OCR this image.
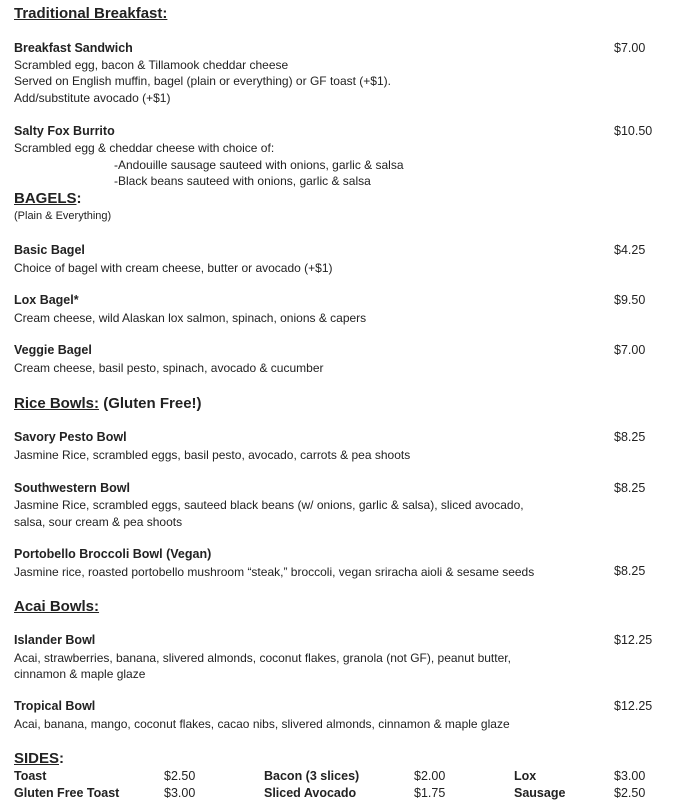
Traditional Breakfast:
Breakfast Sandwich	$7.00
Scrambled egg, bacon & Tillamook cheddar cheese
Served on English muffin, bagel (plain or everything) or GF toast (+$1).
Add/substitute avocado (+$1)
Salty Fox Burrito	$10.50
Scrambled egg & cheddar cheese with choice of:
-Andouille sausage sauteed with onions, garlic & salsa
-Black beans sauteed with onions, garlic & salsa
BAGELS:
(Plain & Everything)
Basic Bagel	$4.25
Choice of bagel with cream cheese, butter or avocado (+$1)
Lox Bagel*	$9.50
Cream cheese, wild Alaskan lox salmon, spinach, onions & capers
Veggie Bagel	$7.00
Cream cheese, basil pesto, spinach, avocado & cucumber
Rice Bowls: (Gluten Free!)
Savory Pesto Bowl	$8.25
Jasmine Rice, scrambled eggs, basil pesto, avocado, carrots & pea shoots
Southwestern Bowl	$8.25
Jasmine Rice, scrambled eggs, sauteed black beans (w/ onions, garlic & salsa), sliced avocado,
salsa, sour cream & pea shoots
Portobello Broccoli Bowl (Vegan)
Jasmine rice, roasted portobello mushroom “steak,” broccoli, vegan sriracha aioli & sesame seeds	$8.25
Acai Bowls:
Islander Bowl	$12.25
Acai, strawberries, banana, slivered almonds, coconut flakes, granola (not GF), peanut butter,
cinnamon & maple glaze
Tropical Bowl	$12.25
Acai, banana, mango, coconut flakes, cacao nibs, slivered almonds, cinnamon & maple glaze
SIDES:
Toast	$2.50
Gluten Free Toast	$3.00
Bacon (3 slices)	$2.00
Sliced Avocado	$1.75
Lox	$3.00
Sausage	$2.50
